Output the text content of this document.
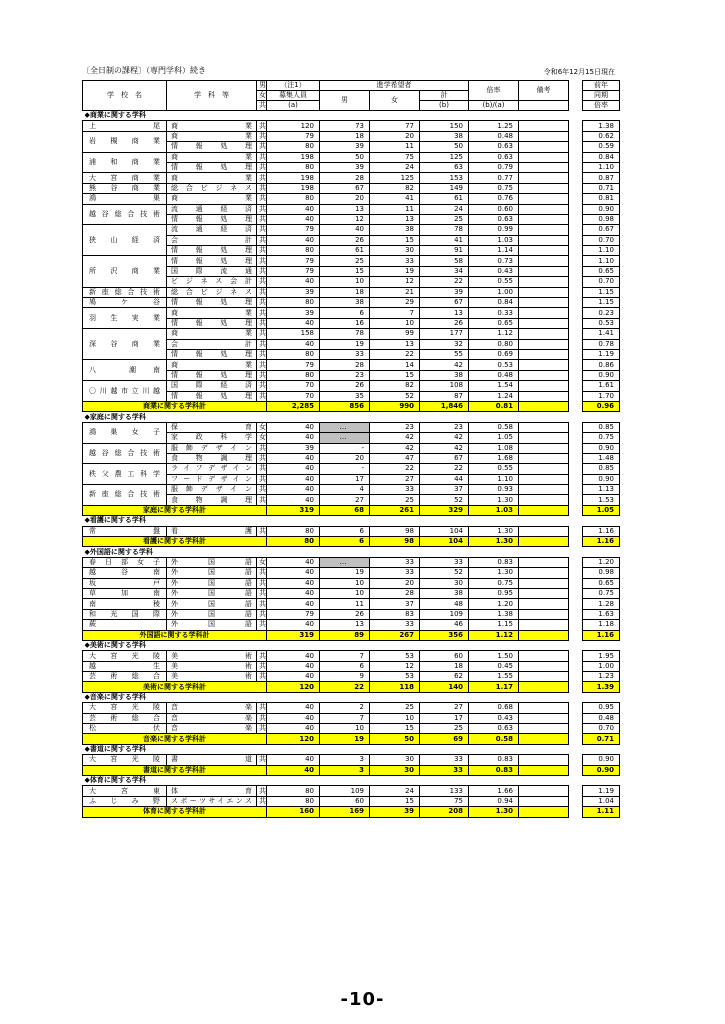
〔全日制の課程〕（専門学科）続き	令和6年12月15日現在
学　校　名	学　科　等	男	（注1）	進学希望者			倍率	備考		前年
		女	募集人員	男	女	計				同期
		共	(a)			(b)	(b)/(a)			倍率
◆商業に関する学科										
上　　　　尾	商　　業	共	120	73	77	150	1.25			1.38
岩　槻　商　業	商　　業	共	79	18	20	38	0.48			0.62
	情報処理	共	80	39	11	50	0.63			0.59
浦　和　商　業	商　　業	共	198	50	75	125	0.63			0.84
	情報処理	共	80	39	24	63	0.79			1.10
大　宮　商　業	商　　業	共	198	28	125	153	0.77			0.87
熊　谷　商　業	総合ビジネス	共	198	67	82	149	0.75			0.71
鴻　　　　巣	商　　業	共	80	20	41	61	0.76			0.81
越谷総合技術	流通経済	共	40	13	11	24	0.60			0.90
	情報処理	共	40	12	13	25	0.63			0.98
狭　山　経　済	流通経済	共	79	40	38	78	0.99			0.67
	会　　計	共	40	26	15	41	1.03			0.70
	情報処理	共	80	61	30	91	1.14			1.10
所　沢　商　業	情報処理	共	79	25	33	58	0.73			1.10
	国際流通	共	79	15	19	34	0.43			0.65
	ビジネス会計	共	40	10	12	22	0.55			0.70
新座総合技術	総合ビジネス	共	39	18	21	39	1.00			1.15
鳩　　ケ　　谷	情報処理	共	80	38	29	67	0.84			1.15
羽　生　実　業	商　　業	共	39	6	7	13	0.33			0.23
	情報処理	共	40	16	10	26	0.65			0.53
深　谷　商　業	商　　業	共	158	78	99	177	1.12			1.41
	会　　計	共	40	19	13	32	0.80			0.78
	情報処理	共	80	33	22	55	0.69			1.19
八　　　　潮　　南	商　　業	共	79	28	14	42	0.53			0.86
	情報処理	共	80	23	15	38	0.48			0.90
〇川越市立川越	国際経済	共	70	26	82	108	1.54			1.61
	情報処理	共	70	35	52	87	1.24			1.70
商業に関する学科計			2,285	856	990	1,846	0.81			0.96
◆家庭に関する学科										
鴻　巣　女　子	保　　育	女	40	…	23	23	0.58			0.85
	家政科学	女	40	…	42	42	1.05			0.75
越谷総合技術	服飾デザイン	共	39	-	42	42	1.08			0.90
	食物調理	共	40	20	47	67	1.68			1.48
秩父農工科学	ライフデザイン	共	40	-	22	22	0.55			0.85
	フードデザイン	共	40	17	27	44	1.10			0.90
新座総合技術	服飾デザイン	共	40	4	33	37	0.93			1.13
	食物調理	共	40	27	25	52	1.30			1.53
家庭に関する学科計			319	68	261	329	1.03			1.05
◆看護に関する学科										
常　　　　盤	看　　護	共	80	6	98	104	1.30			1.16
看護に関する学科計			80	6	98	104	1.30			1.16
◆外国語に関する学科										
春日部女子	外国語	女	40	…	33	33	0.83			1.20
越　谷　南	外国語	共	40	19	33	52	1.30			0.98
坂　　　戸	外国語	共	40	10	20	30	0.75			0.65
草　　加　　南	外国語	共	40	10	28	38	0.95			0.75
南　　　　稜	外国語	共	40	11	37	48	1.20			1.28
和　光　国　際	外国語	共	79	26	83	109	1.38			1.63
蕨	外国語	共	40	13	33	46	1.15			1.18
外国語に関する学科計			319	89	267	356	1.12			1.16
◆美術に関する学科										
大　宮　光　陵	美　　術	共	40	7	53	60	1.50			1.95
越　　生	美　　術	共	40	6	12	18	0.45			1.00
芸　術　総　合	美　　術	共	40	9	53	62	1.55			1.23
美術に関する学科計			120	22	118	140	1.17			1.39
◆音楽に関する学科										
大　宮　光　陵	音　　楽	共	40	2	25	27	0.68			0.95
芸　術　総　合	音　　楽	共	40	7	10	17	0.43			0.48
松　　　伏	音　　楽	共	40	10	15	25	0.63			0.70
音楽に関する学科計			120	19	50	69	0.58			0.71
◆書道に関する学科										
大　宮　光　陵	書　　道	共	40	3	30	33	0.83			0.90
書道に関する学科計			40	3	30	33	0.83			0.90
◆体育に関する学科										
大　宮　東	体　　育	共	80	109	24	133	1.66			1.19
ふ　じ　み　野	スポーツサイエンス	共	80	60	15	75	0.94			1.04
体育に関する学科計			160	169	39	208	1.30			1.11
-10-
